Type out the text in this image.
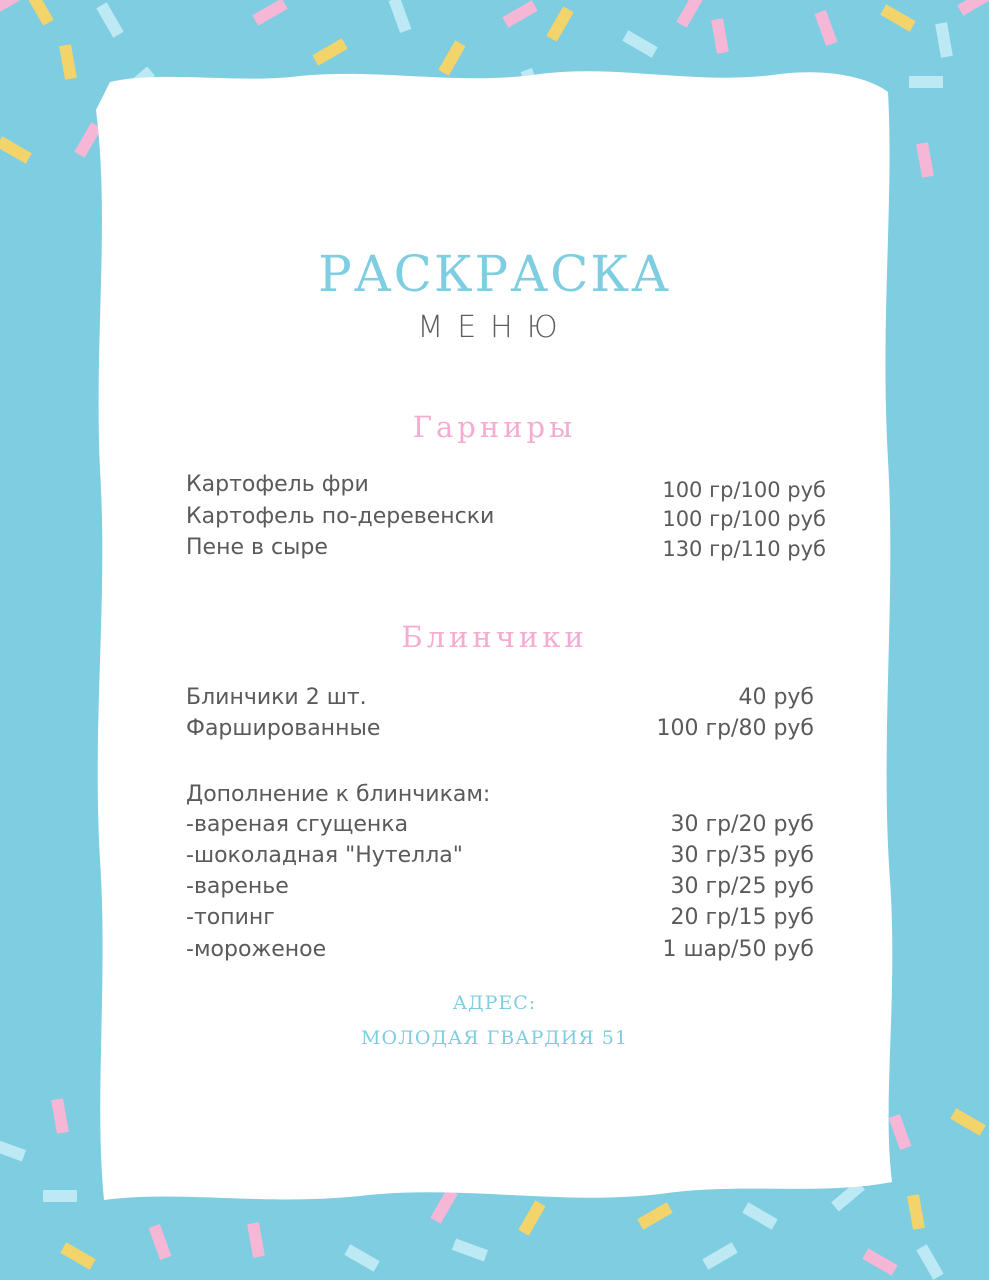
РАСКРАСКА
МЕНЮ
Гарниры
Картофель фри	100 гр/100 руб
Картофель по-деревенски	100 гр/100 руб
Пене в сыре	130 гр/110 руб
Блинчики
Блинчики 2 шт.	40 руб
Фаршированные	100 гр/80 руб
Дополнение к блинчикам:
-вареная сгущенка	30 гр/20 руб
-шоколадная "Нутелла"	30 гр/35 руб
-варенье	30 гр/25 руб
-топинг	20 гр/15 руб
-мороженое	1 шар/50 руб
АДРЕС:
МОЛОДАЯ ГВАРДИЯ 51
